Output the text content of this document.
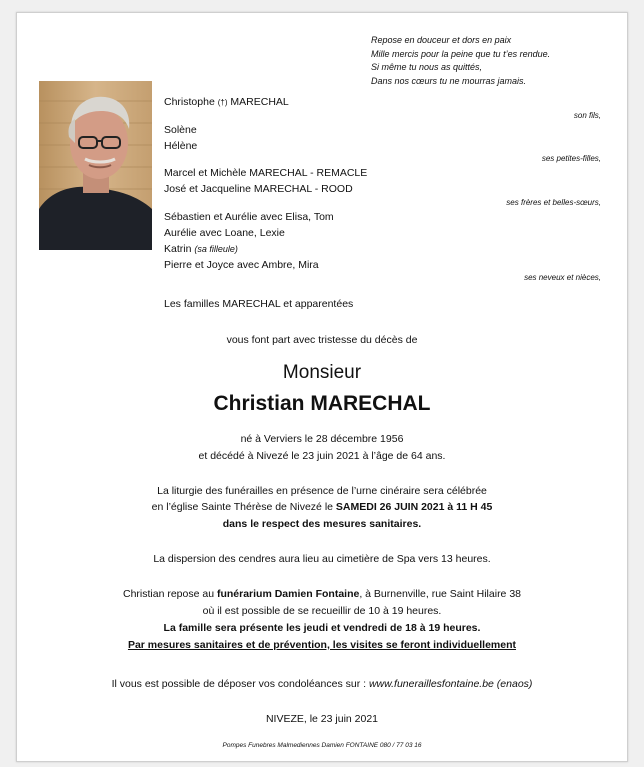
Repose en douceur et dors en paix
Mille mercis pour la peine que tu t’es rendue.
Si même tu nous as quittés,
Dans nos cœurs tu ne mourras jamais.
Christophe (†) MARECHAL
son fils,
Solène
Hélène
ses petites-filles,
Marcel et Michèle MARECHAL - REMACLE
José et Jacqueline MARECHAL - ROOD
ses frères et belles-sœurs,
Sébastien et Aurélie avec Elisa, Tom
Aurélie avec Loane, Lexie
Katrin (sa filleule)
Pierre et Joyce avec Ambre, Mira
ses neveux et nièces,
Les familles MARECHAL et apparentées
vous font part avec tristesse du décès de
Monsieur
Christian MARECHAL
né à Verviers le 28 décembre 1956
et décédé à Nivezé le 23 juin 2021 à l’âge de 64 ans.
La liturgie des funérailles en présence de l’urne cinéraire sera célébrée
en l’église Sainte Thérèse de Nivezé le SAMEDI 26 JUIN 2021 à 11 H 45
dans le respect des mesures sanitaires.
La dispersion des cendres aura lieu au cimetière de Spa vers 13 heures.
Christian repose au funérarium Damien Fontaine, à Burnenville, rue Saint Hilaire 38
où il est possible de se recueillir de 10 à 19 heures.
La famille sera présente les jeudi et vendredi de 18 à 19 heures.
Par mesures sanitaires et de prévention, les visites se feront individuellement
Il vous est possible de déposer vos condoléances sur : www.funeraillesfontaine.be (enaos)
NIVEZE, le 23 juin 2021
Pompes Funebres Malmediennes Damien FONTAINE 080 / 77 03 16
